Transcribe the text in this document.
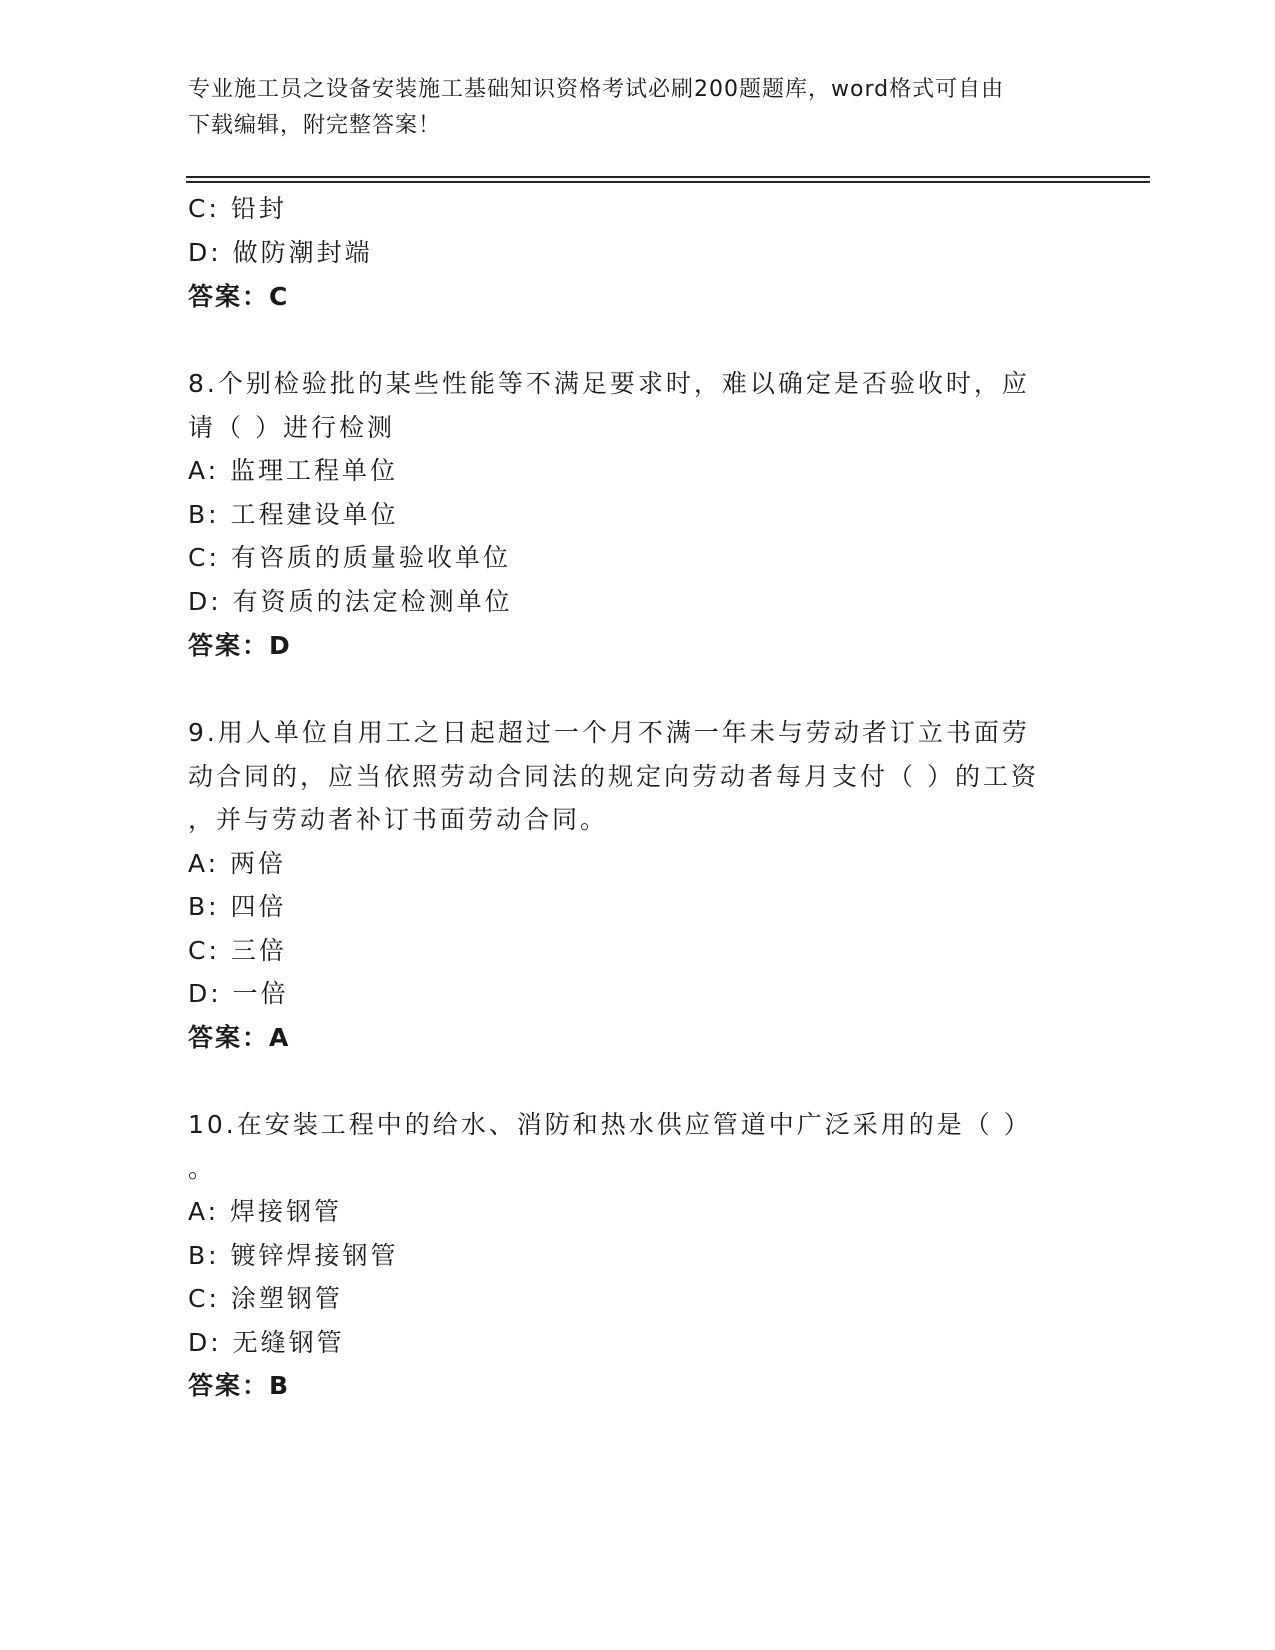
专业施工员之设备安装施工基础知识资格考试必刷200题题库，word格式可自由
下载编辑，附完整答案！
C: 铅封
D: 做防潮封端
答案：C
8.个别检验批的某些性能等不满足要求时，难以确定是否验收时，应
请（ ）进行检测
A: 监理工程单位
B: 工程建设单位
C: 有咨质的质量验收单位
D: 有资质的法定检测单位
答案：D
9.用人单位自用工之日起超过一个月不满一年未与劳动者订立书面劳
动合同的，应当依照劳动合同法的规定向劳动者每月支付（ ）的工资
，并与劳动者补订书面劳动合同。
A: 两倍
B: 四倍
C: 三倍
D: 一倍
答案：A
10.在安装工程中的给水、消防和热水供应管道中广泛采用的是（ ）
。
A: 焊接钢管
B: 镀锌焊接钢管
C: 涂塑钢管
D: 无缝钢管
答案：B
